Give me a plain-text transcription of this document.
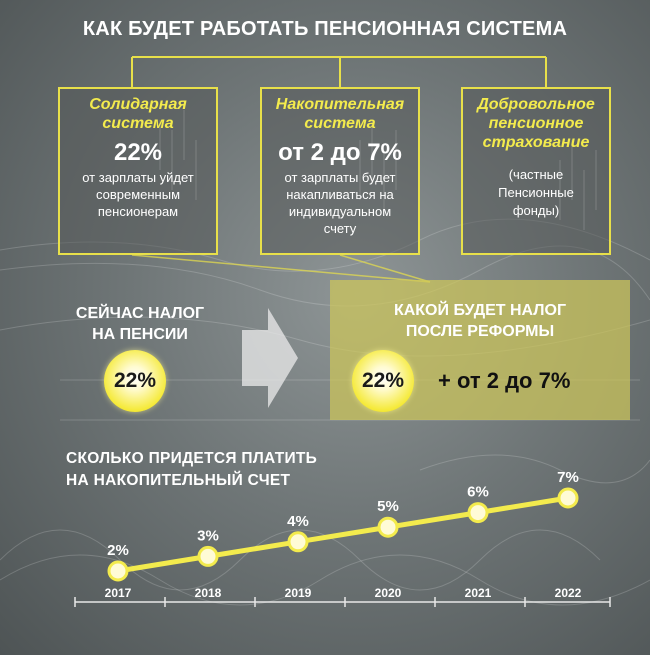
КАК БУДЕТ РАБОТАТЬ ПЕНСИОННАЯ СИСТЕМА
Солидарная
система
22%
от зарплаты уйдет
современным
пенсионерам
Накопительная
система
от 2 до 7%
от зарплаты будет
накапливаться на
индивидуальном
счету
Добровольное
пенсионное
страхование
(частные
Пенсионные
фонды)
СЕЙЧАС НАЛОГ
НА ПЕНСИИ
22%
КАКОЙ БУДЕТ НАЛОГ
ПОСЛЕ РЕФОРМЫ
22%	+ от 2 до 7%
СКОЛЬКО ПРИДЕТСЯ ПЛАТИТЬ
НА НАКОПИТЕЛЬНЫЙ СЧЕТ
2017	2018	2019	2020	2021	2022
2%
3%
4%
5%
6%
7%
